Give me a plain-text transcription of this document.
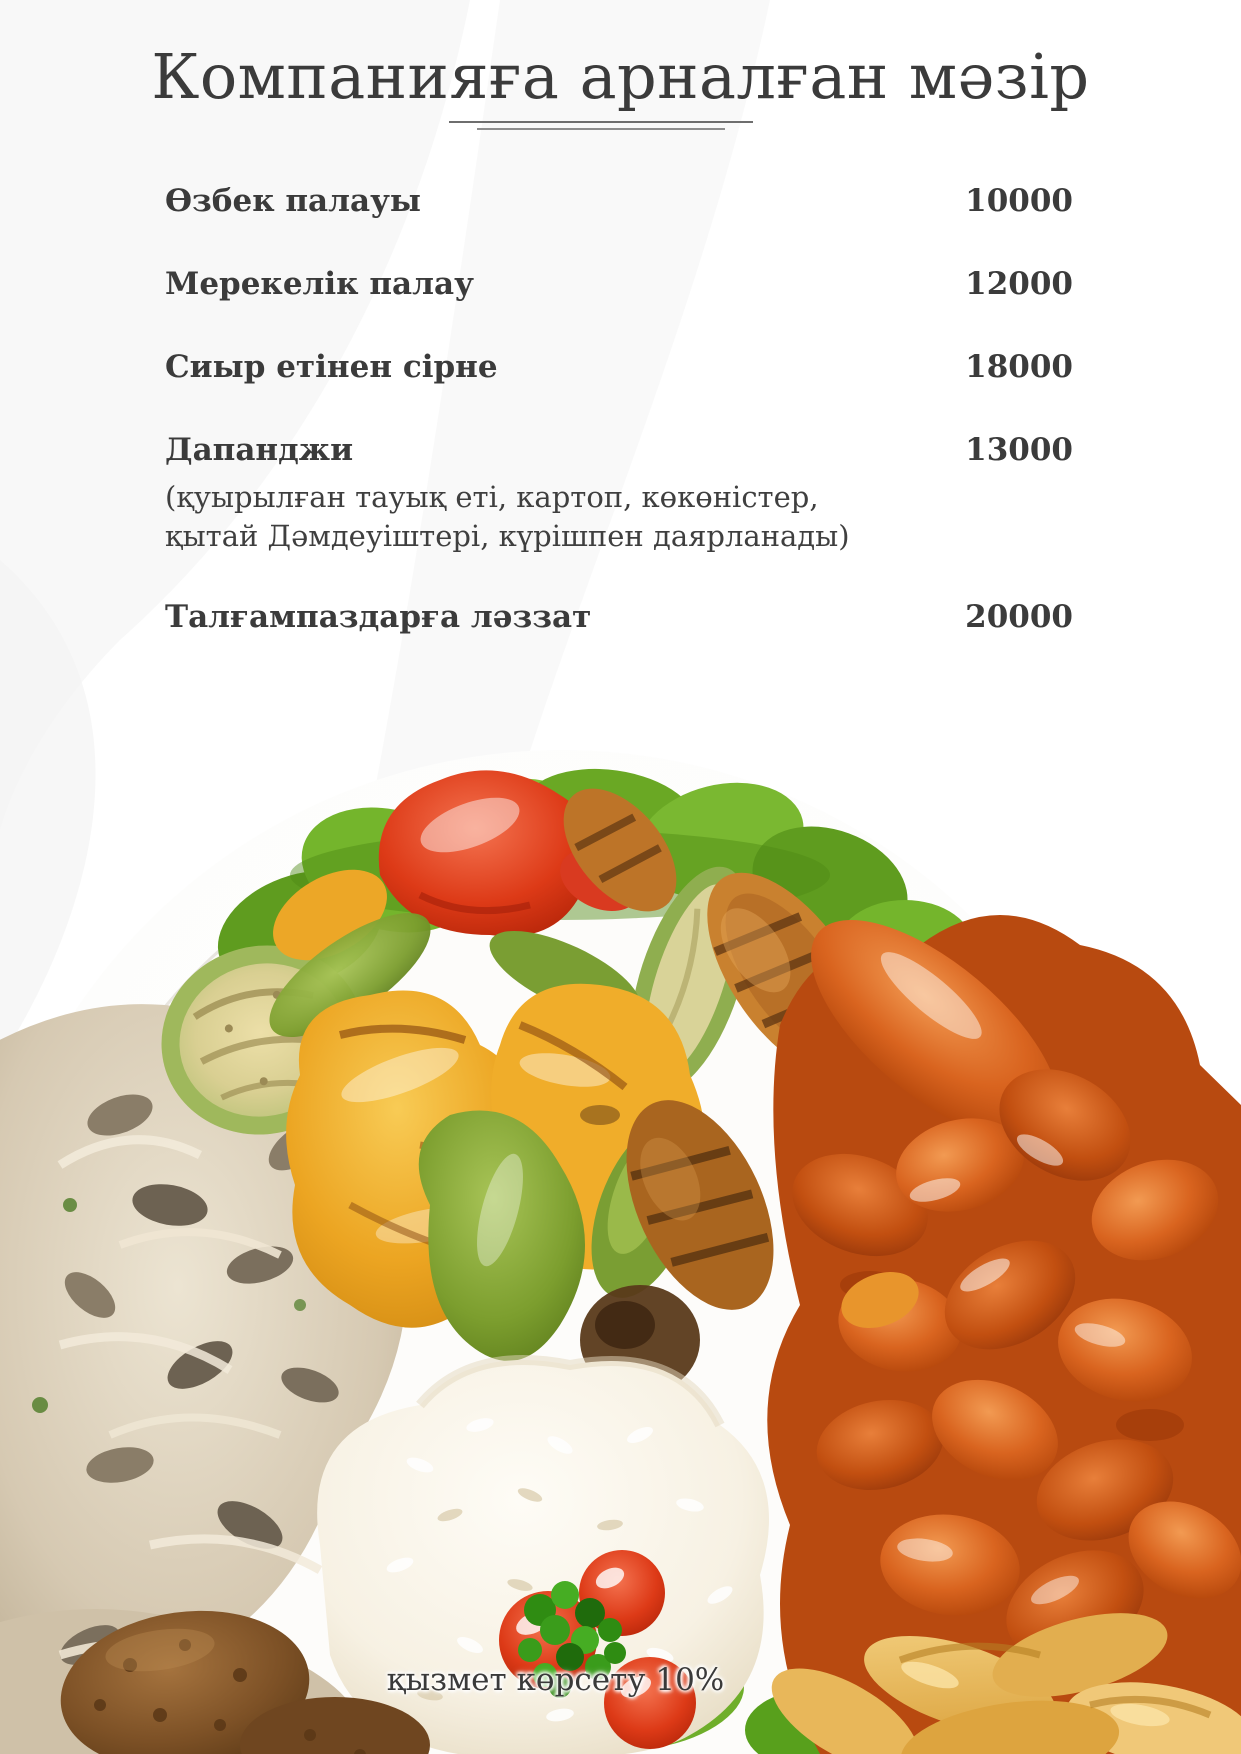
Компанияға арналған мәзір
Өзбек палауы	10000
Мерекелік палау	12000
Сиыр етінен сірне	18000
Дапанджи	13000
(қуырылған тауық еті, картоп, көкөністер, қытай Дәмдеуіштері, күрішпен даярланады)
Талғампаздарға ләззат	20000
қызмет көрсету 10%
